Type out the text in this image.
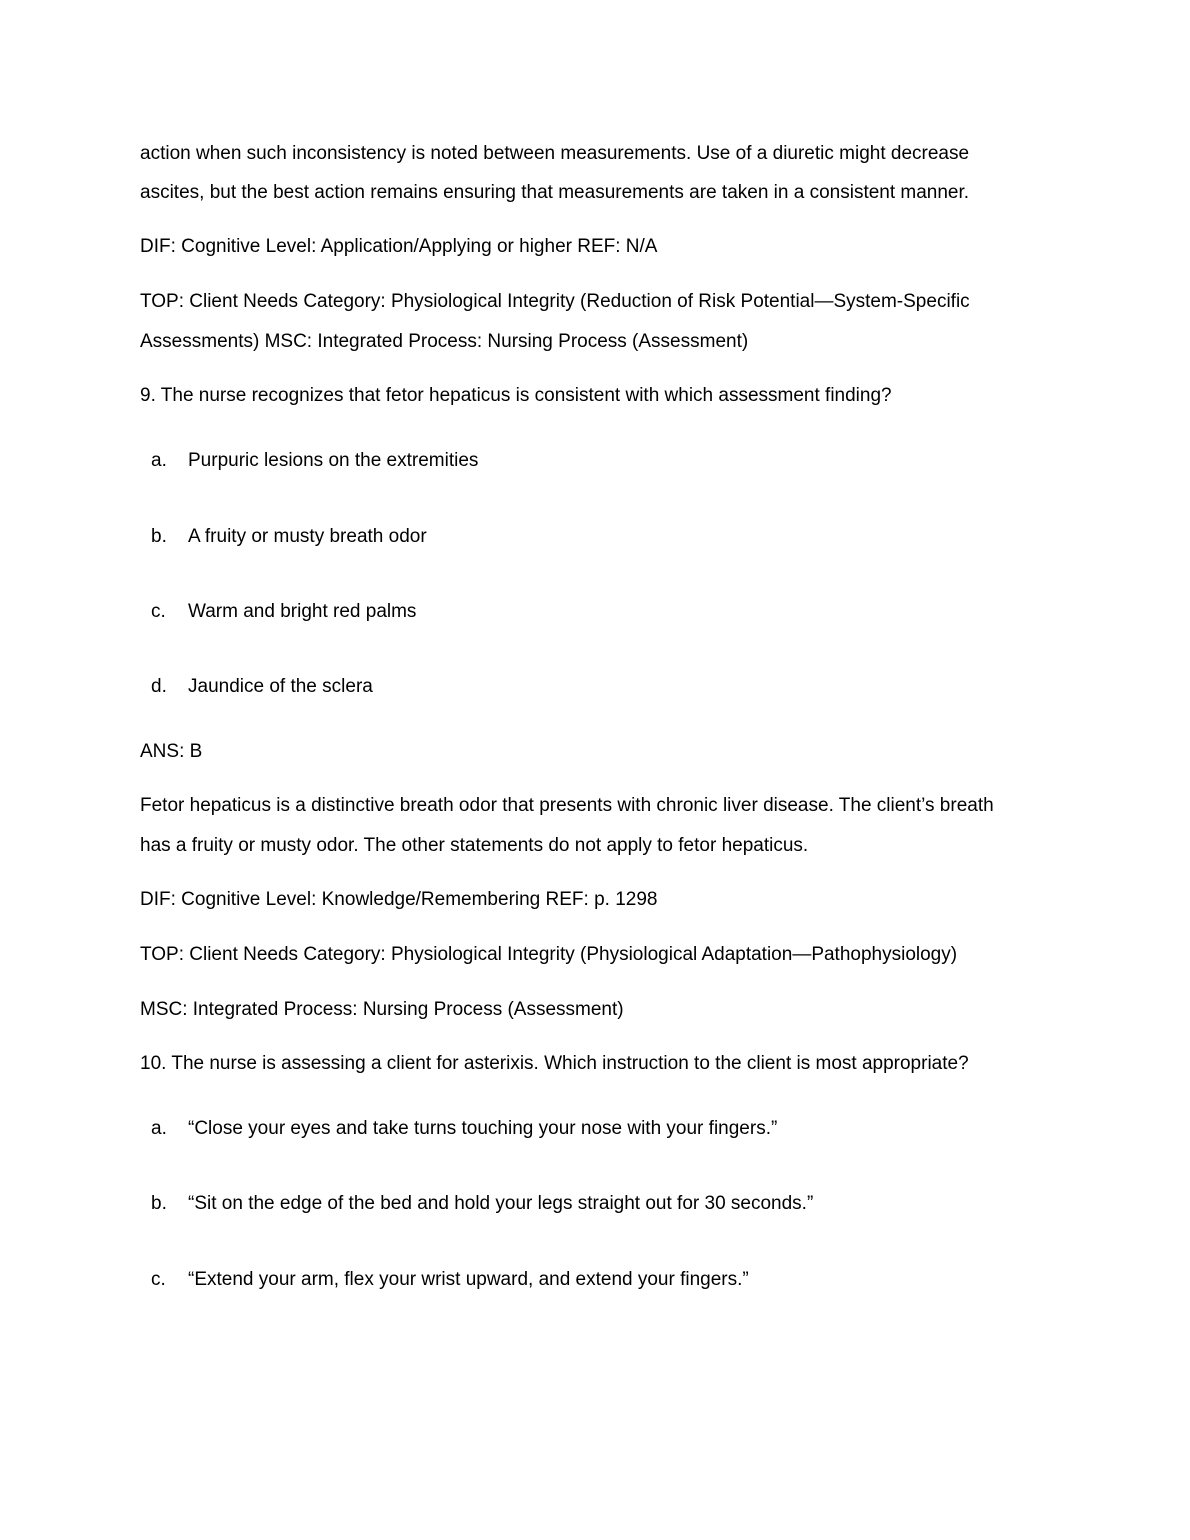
action when such inconsistency is noted between measurements. Use of a diuretic might decrease
ascites, but the best action remains ensuring that measurements are taken in a consistent manner.
DIF: Cognitive Level: Application/Applying or higher REF: N/A
TOP: Client Needs Category: Physiological Integrity (Reduction of Risk Potential—System-Specific
Assessments) MSC: Integrated Process: Nursing Process (Assessment)
9. The nurse recognizes that fetor hepaticus is consistent with which assessment finding?
a. Purpuric lesions on the extremities
b. A fruity or musty breath odor
c. Warm and bright red palms
d. Jaundice of the sclera
ANS: B
Fetor hepaticus is a distinctive breath odor that presents with chronic liver disease. The client’s breath
has a fruity or musty odor. The other statements do not apply to fetor hepaticus.
DIF: Cognitive Level: Knowledge/Remembering REF: p. 1298
TOP: Client Needs Category: Physiological Integrity (Physiological Adaptation—Pathophysiology)
MSC: Integrated Process: Nursing Process (Assessment)
10. The nurse is assessing a client for asterixis. Which instruction to the client is most appropriate?
a. “Close your eyes and take turns touching your nose with your fingers.”
b. “Sit on the edge of the bed and hold your legs straight out for 30 seconds.”
c. “Extend your arm, flex your wrist upward, and extend your fingers.”
